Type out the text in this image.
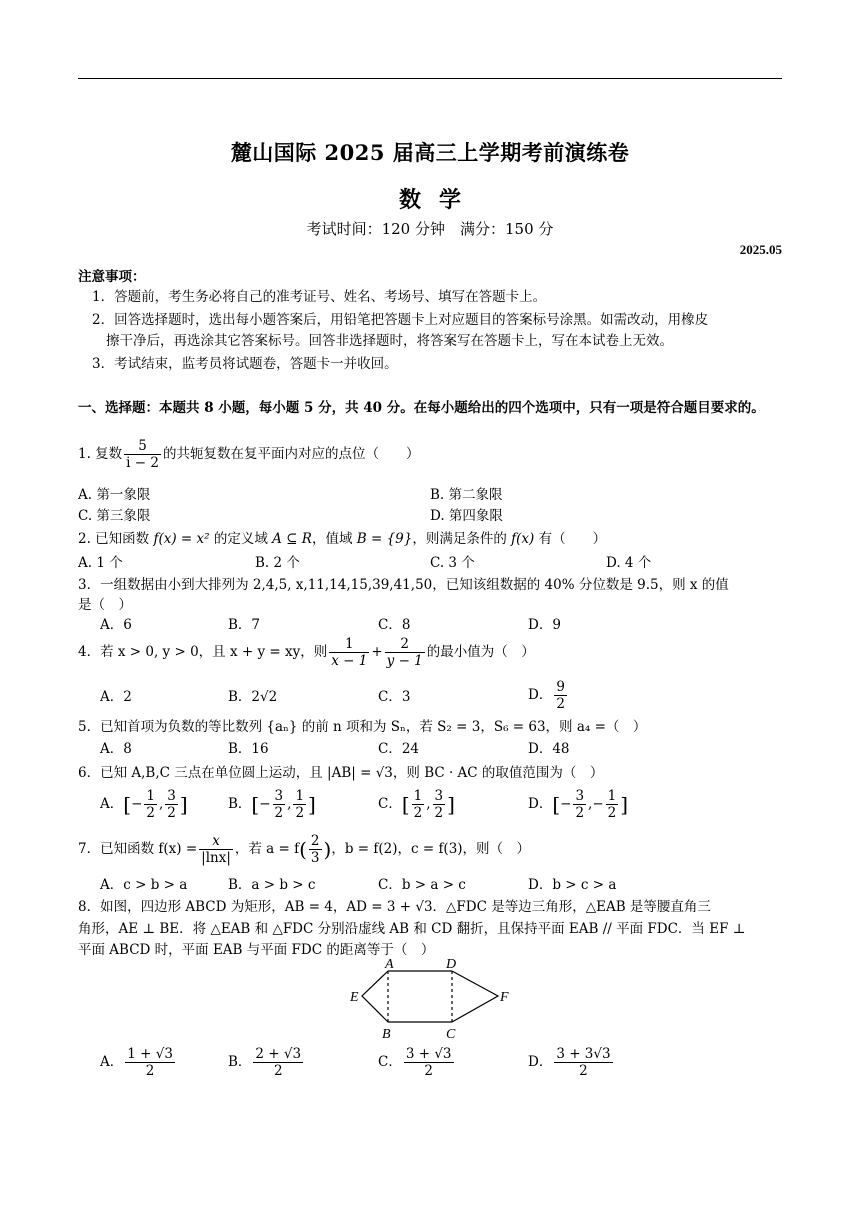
麓山国际 2025 届高三上学期考前演练卷
数学
考试时间：120 分钟　满分：150 分
2025.05
注意事项：
1．答题前，考生务必将自己的准考证号、姓名、考场号、填写在答题卡上。
2．回答选择题时，选出每小题答案后，用铅笔把答题卡上对应题目的答案标号涂黑。如需改动，用橡皮
擦干净后，再选涂其它答案标号。回答非选择题时，将答案写在答题卡上，写在本试卷上无效。
3．考试结束，监考员将试题卷，答题卡一并收回。
一、选择题：本题共 8 小题，每小题 5 分，共 40 分。在每小题给出的四个选项中，只有一项是符合题目要求的。
1. 复数 $\frac{5}{i - 2}$ 的共轭复数在复平面内对应的点位（　　）
A. 第一象限	B. 第二象限
C. 第三象限	D. 第四象限
2. 已知函数 f(x) = x² 的定义域 A ⊆ R，值域 B = {9}，则满足条件的 f(x) 有（　　）
A. 1 个	B. 2 个	C. 3 个	D. 4 个
3．一组数据由小到大排列为 2,4,5, x,11,14,15,39,41,50，已知该组数据的 40% 分位数是 9.5，则 x 的值
是（　）
A．6	B．7	C．8	D．9
4．若 x > 0, y > 0，且 x + y = xy，则 $\frac{1}{x - 1} + \frac{2}{y - 1}$ 的最小值为（　）
A．2	B．2√2	C．3	D． $\frac{9}{2}$
5．已知首项为负数的等比数列 {aₙ} 的前 n 项和为 Sₙ，若 S₂ = 3，S₆ = 63，则 a₄ =（　）
A．8	B．16	C．24	D．48
6．已知 A,B,C 三点在单位圆上运动，且 |AB| = √3，则 BC · AC 的取值范围为（　）
A．[− $\frac{1}{2}$ , $\frac{3}{2}$ ]	B．[− $\frac{3}{2}$ , $\frac{1}{2}$ ]	C．[ $\frac{1}{2}$ , $\frac{3}{2}$ ]	D．[− $\frac{3}{2}$ ,− $\frac{1}{2}$ ]
7．已知函数 $f(x) = \frac{x}{|\ln x|}$ ，若 $a = f( \frac{2}{3}$ )，b = f(2)，c = f(3)，则（　）
A．c > b > a	B．a > b > c	C．b > a > c	D．b > c > a
8．如图，四边形 ABCD 为矩形，AB = 4，AD = 3 + √3．△FDC 是等边三角形，△EAB 是等腰直角三
角形，AE ⊥ BE．将 △EAB 和 △FDC 分别沿虚线 AB 和 CD 翻折，且保持平面 EAB // 平面 FDC．当 EF ⊥
平面 ABCD 时，平面 EAB 与平面 FDC 的距离等于（　）
A	D
E	F
B	C
A． $\frac{1 + √3}{2}$	B． $\frac{2 + √3}{2}$	C． $\frac{3 + √3}{2}$	D． $\frac{3 + 3√3}{2}$
